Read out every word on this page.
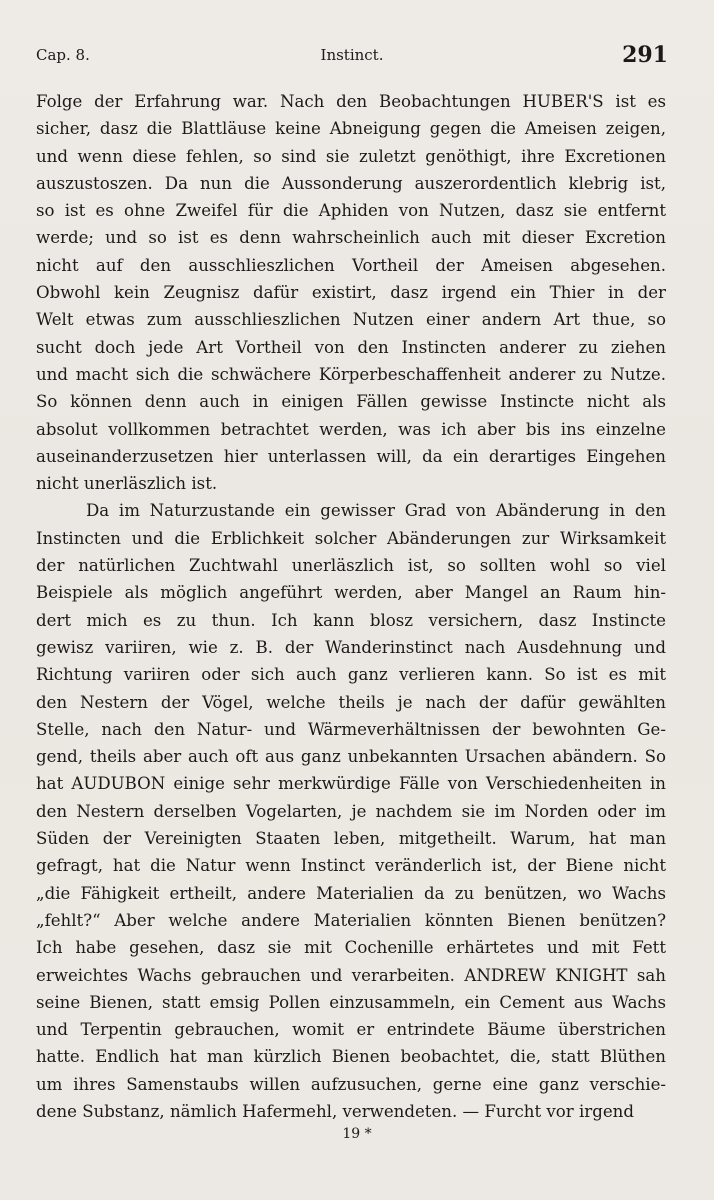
Cap. 8.	Instinct.	291
Folge der Erfahrung war. Nach den Beobachtungen HUBER'S ist es
sicher, dasz die Blattläuse keine Abneigung gegen die Ameisen zeigen,
und wenn diese fehlen, so sind sie zuletzt genöthigt, ihre Excretionen
auszustoszen. Da nun die Aussonderung auszerordentlich klebrig ist,
so ist es ohne Zweifel für die Aphiden von Nutzen, dasz sie entfernt
werde; und so ist es denn wahrscheinlich auch mit dieser Excretion
nicht auf den ausschlieszlichen Vortheil der Ameisen abgesehen.
Obwohl kein Zeugnisz dafür existirt, dasz irgend ein Thier in der
Welt etwas zum ausschlieszlichen Nutzen einer andern Art thue, so
sucht doch jede Art Vortheil von den Instincten anderer zu ziehen
und macht sich die schwächere Körperbeschaffenheit anderer zu Nutze.
So können denn auch in einigen Fällen gewisse Instincte nicht als
absolut vollkommen betrachtet werden, was ich aber bis ins einzelne
auseinanderzusetzen hier unterlassen will, da ein derartiges Eingehen
nicht unerläszlich ist.
Da im Naturzustande ein gewisser Grad von Abänderung in den
Instincten und die Erblichkeit solcher Abänderungen zur Wirksamkeit
der natürlichen Zuchtwahl unerläszlich ist, so sollten wohl so viel
Beispiele als möglich angeführt werden, aber Mangel an Raum hin-
dert mich es zu thun. Ich kann blosz versichern, dasz Instincte
gewisz variiren, wie z. B. der Wanderinstinct nach Ausdehnung und
Richtung variiren oder sich auch ganz verlieren kann. So ist es mit
den Nestern der Vögel, welche theils je nach der dafür gewählten
Stelle, nach den Natur- und Wärmeverhältnissen der bewohnten Ge-
gend, theils aber auch oft aus ganz unbekannten Ursachen abändern. So
hat AUDUBON einige sehr merkwürdige Fälle von Verschiedenheiten in
den Nestern derselben Vogelarten, je nachdem sie im Norden oder im
Süden der Vereinigten Staaten leben, mitgetheilt. Warum, hat man
gefragt, hat die Natur wenn Instinct veränderlich ist, der Biene nicht
„die Fähigkeit ertheilt, andere Materialien da zu benützen, wo Wachs
„fehlt?“ Aber welche andere Materialien könnten Bienen benützen?
Ich habe gesehen, dasz sie mit Cochenille erhärtetes und mit Fett
erweichtes Wachs gebrauchen und verarbeiten. ANDREW KNIGHT sah
seine Bienen, statt emsig Pollen einzusammeln, ein Cement aus Wachs
und Terpentin gebrauchen, womit er entrindete Bäume überstrichen
hatte. Endlich hat man kürzlich Bienen beobachtet, die, statt Blüthen
um ihres Samenstaubs willen aufzusuchen, gerne eine ganz verschie-
dene Substanz, nämlich Hafermehl, verwendeten. — Furcht vor irgend
19 *
